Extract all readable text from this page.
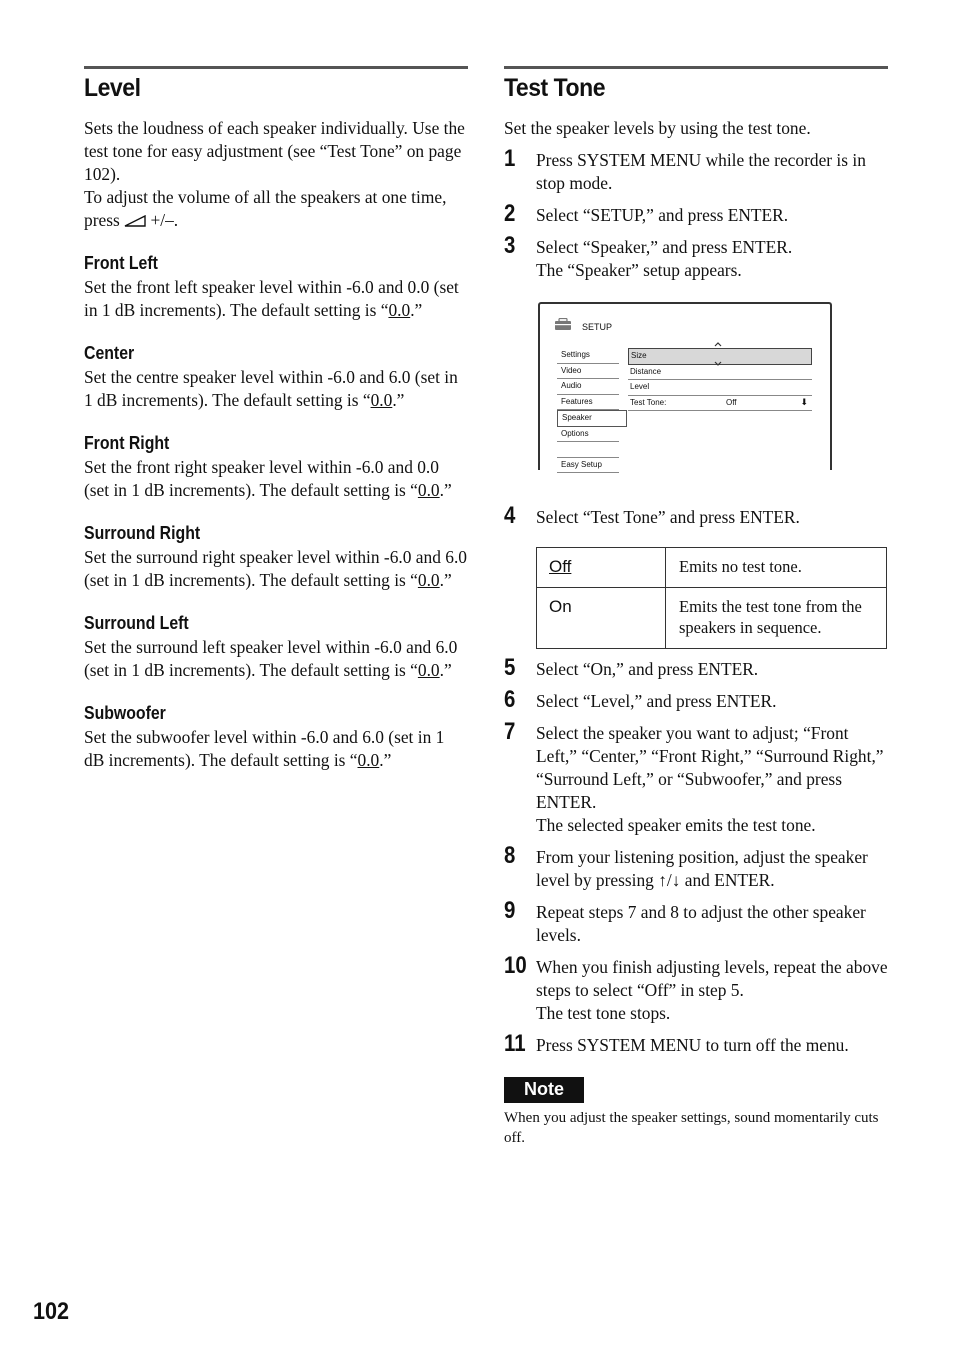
Level

Sets the loudness of each speaker individually. Use the test tone for easy adjustment (see “Test Tone” on page 102).
To adjust the volume of all the speakers at one time, press  +/–.

Front Left

Set the front left speaker level within -6.0 and 0.0 (set in 1 dB increments). The default setting is “0.0.”

Center

Set the centre speaker level within -6.0 and 6.0 (set in 1 dB increments). The default setting is “0.0.”

Front Right

Set the front right speaker level within -6.0 and 0.0 (set in 1 dB increments). The default setting is “0.0.”

Surround Right

Set the surround right speaker level within -6.0 and 6.0 (set in 1 dB increments). The default setting is “0.0.”

Surround Left

Set the surround left speaker level within -6.0 and 6.0 (set in 1 dB increments). The default setting is “0.0.”

Subwoofer

Set the subwoofer level within -6.0 and 6.0 (set in 1 dB increments). The default setting is “0.0.”

Test Tone

Set the speaker levels by using the test tone.

1 Press SYSTEM MENU while the recorder is in stop mode.

2 Select “SETUP,” and press ENTER.

3 Select “Speaker,” and press ENTER.

The “Speaker” setup appears.

SETUP
Settings
Video
Audio
Features
Speaker
Options
Easy Setup
Size
Distance
Level
Test Tone:	Off	⬇
4 Select “Test Tone” and press ENTER.

Off	Emits no test tone.
On	Emits the test tone from the speakers in sequence.
5 Select “On,” and press ENTER.

6 Select “Level,” and press ENTER.

7 Select the speaker you want to adjust; “Front Left,” “Center,” “Front Right,” “Surround Right,” “Surround Left,” or “Subwoofer,” and press ENTER.

The selected speaker emits the test tone.

8 From your listening position, adjust the speaker level by pressing ↑/↓ and ENTER.

9 Repeat steps 7 and 8 to adjust the other speaker levels.

10 When you finish adjusting levels, repeat the above steps to select “Off” in step 5.

The test tone stops.

11 Press SYSTEM MENU to turn off the menu.

Note

When you adjust the speaker settings, sound momentarily cuts off.

102
